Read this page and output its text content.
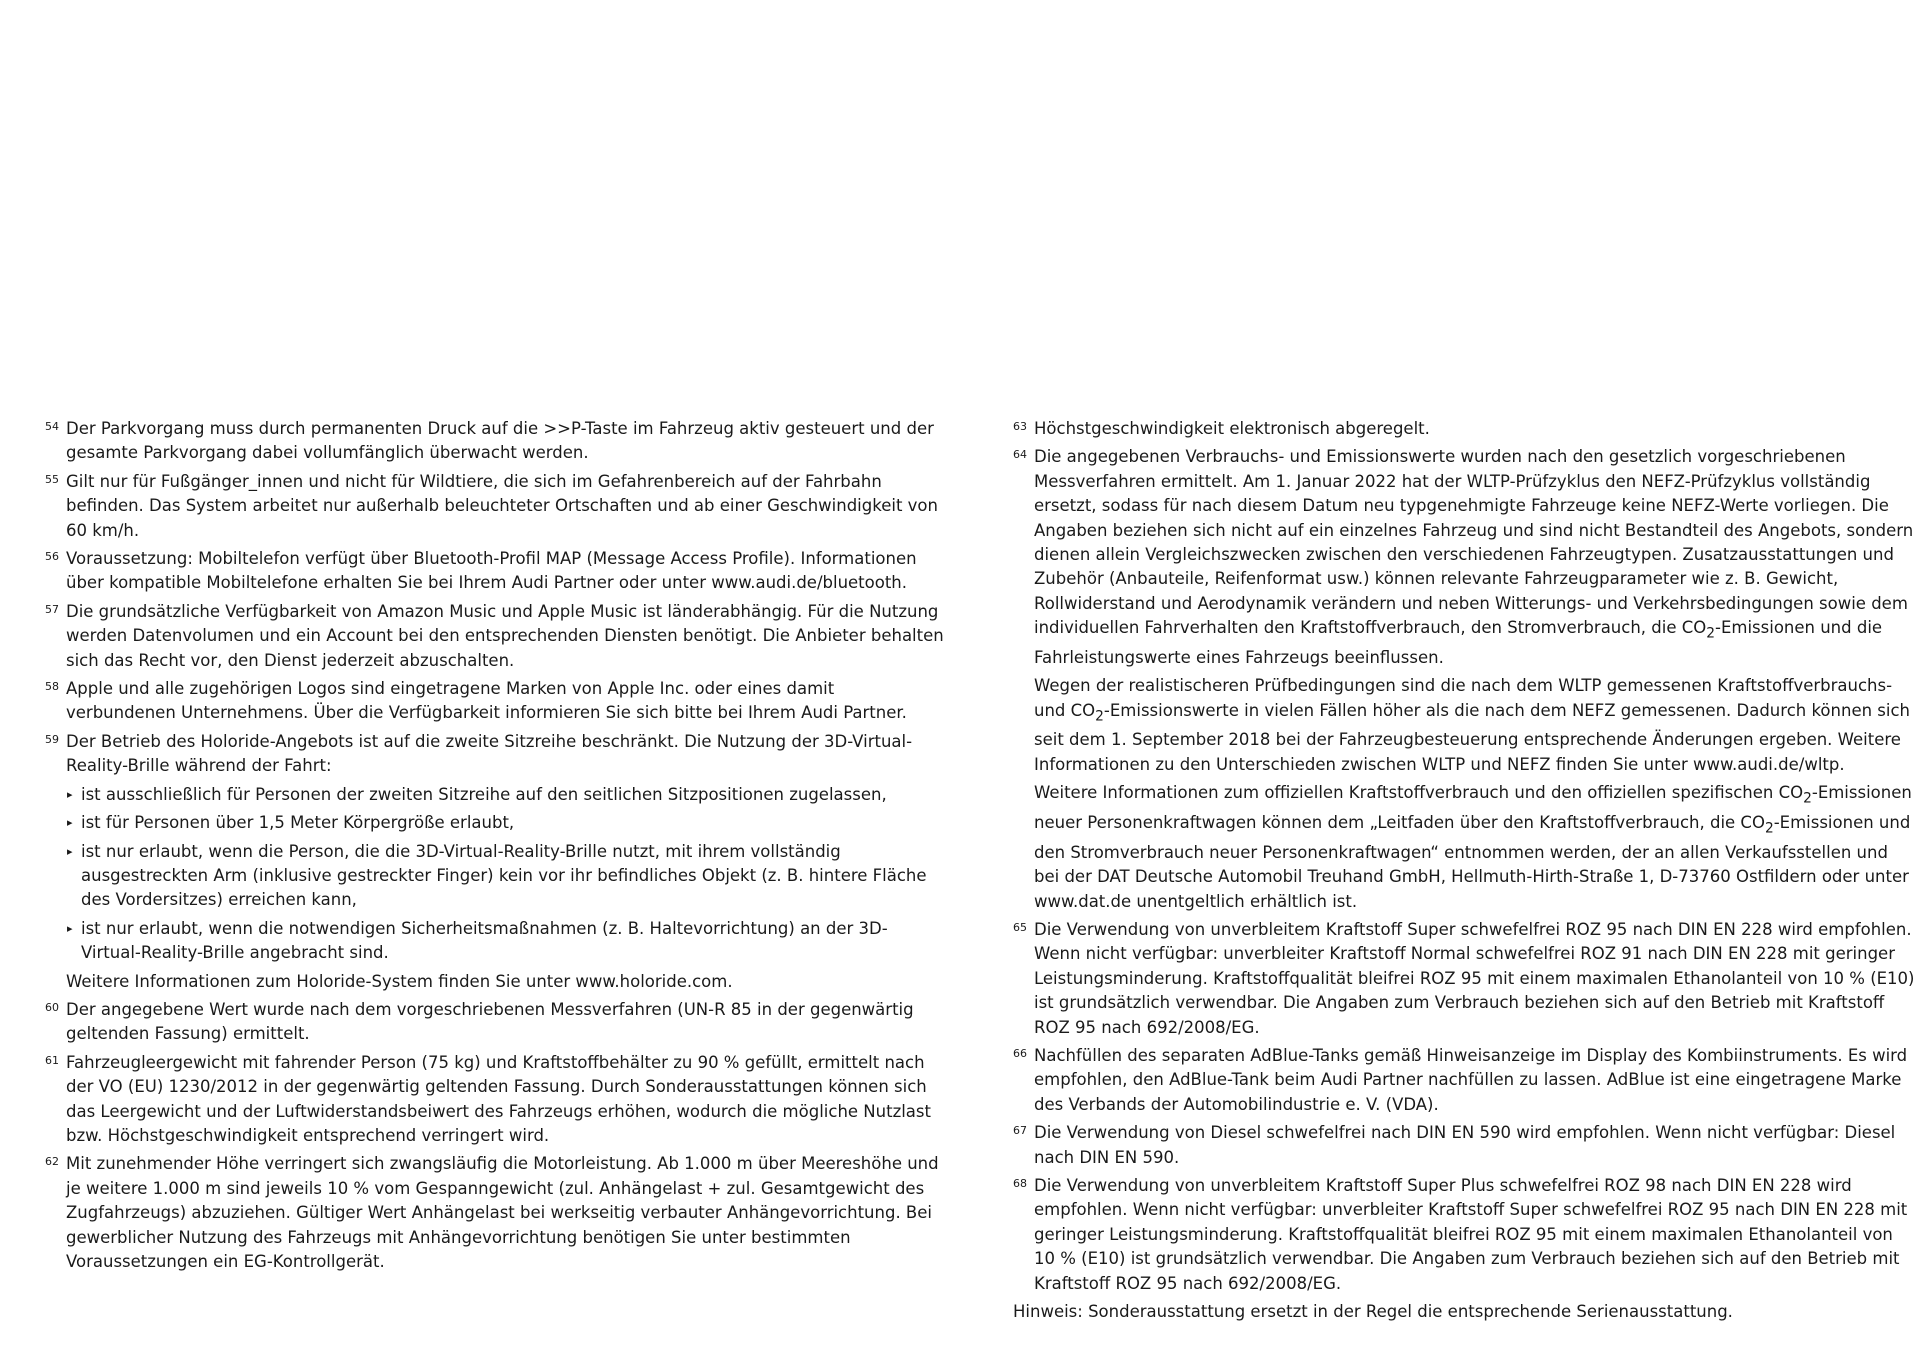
54 Der Parkvorgang muss durch permanenten Druck auf die >>P-Taste im Fahrzeug aktiv gesteuert und der gesamte Parkvorgang dabei vollumfänglich überwacht werden.
55 Gilt nur für Fußgänger_innen und nicht für Wildtiere, die sich im Gefahrenbereich auf der Fahrbahn befinden. Das System arbeitet nur außerhalb beleuchteter Ortschaften und ab einer Geschwindigkeit von 60 km/h.
56 Voraussetzung: Mobiltelefon verfügt über Bluetooth-Profil MAP (Message Access Profile). Informationen über kompatible Mobiltelefone erhalten Sie bei Ihrem Audi Partner oder unter www.audi.de/bluetooth.
57 Die grundsätzliche Verfügbarkeit von Amazon Music und Apple Music ist länderabhängig. Für die Nutzung werden Datenvolumen und ein Account bei den entsprechenden Diensten benötigt. Die Anbieter behalten sich das Recht vor, den Dienst jederzeit abzuschalten.
58 Apple und alle zugehörigen Logos sind eingetragene Marken von Apple Inc. oder eines damit verbundenen Unternehmens. Über die Verfügbarkeit informieren Sie sich bitte bei Ihrem Audi Partner.
59 Der Betrieb des Holoride-Angebots ist auf die zweite Sitzreihe beschränkt. Die Nutzung der 3D-Virtual-Reality-Brille während der Fahrt:
▸ ist ausschließlich für Personen der zweiten Sitzreihe auf den seitlichen Sitzpositionen zugelassen,
▸ ist für Personen über 1,5 Meter Körpergröße erlaubt,
▸ ist nur erlaubt, wenn die Person, die die 3D-Virtual-Reality-Brille nutzt, mit ihrem vollständig ausgestreckten Arm (inklusive gestreckter Finger) kein vor ihr befindliches Objekt (z. B. hintere Fläche des Vordersitzes) erreichen kann,
▸ ist nur erlaubt, wenn die notwendigen Sicherheitsmaßnahmen (z. B. Haltevorrichtung) an der 3D-Virtual-Reality-Brille angebracht sind.
Weitere Informationen zum Holoride-System finden Sie unter www.holoride.com.
60 Der angegebene Wert wurde nach dem vorgeschriebenen Messverfahren (UN-R 85 in der gegenwärtig geltenden Fassung) ermittelt.
61 Fahrzeugleergewicht mit fahrender Person (75 kg) und Kraftstoffbehälter zu 90 % gefüllt, ermittelt nach der VO (EU) 1230/2012 in der gegenwärtig geltenden Fassung. Durch Sonderausstattungen können sich das Leergewicht und der Luftwiderstandsbeiwert des Fahrzeugs erhöhen, wodurch die mögliche Nutzlast bzw. Höchstgeschwindigkeit entsprechend verringert wird.
62 Mit zunehmender Höhe verringert sich zwangsläufig die Motorleistung. Ab 1.000 m über Meereshöhe und je weitere 1.000 m sind jeweils 10 % vom Gespanngewicht (zul. Anhängelast + zul. Gesamtgewicht des Zugfahrzeugs) abzuziehen. Gültiger Wert Anhängelast bei werkseitig verbauter Anhängevorrichtung. Bei gewerblicher Nutzung des Fahrzeugs mit Anhängevorrichtung benötigen Sie unter bestimmten Voraussetzungen ein EG-Kontrollgerät.
63 Höchstgeschwindigkeit elektronisch abgeregelt.
64 Die angegebenen Verbrauchs- und Emissionswerte wurden nach den gesetzlich vorgeschriebenen Messverfahren ermittelt. Am 1. Januar 2022 hat der WLTP-Prüfzyklus den NEFZ-Prüfzyklus vollständig ersetzt, sodass für nach diesem Datum neu typgenehmigte Fahrzeuge keine NEFZ-Werte vorliegen. Die Angaben beziehen sich nicht auf ein einzelnes Fahrzeug und sind nicht Bestandteil des Angebots, sondern dienen allein Vergleichszwecken zwischen den verschiedenen Fahrzeugtypen. Zusatzausstattungen und Zubehör (Anbauteile, Reifenformat usw.) können relevante Fahrzeugparameter wie z. B. Gewicht, Rollwiderstand und Aerodynamik verändern und neben Witterungs- und Verkehrsbedingungen sowie dem individuellen Fahrverhalten den Kraftstoffverbrauch, den Stromverbrauch, die $CO_2$-Emissionen und die Fahrleistungswerte eines Fahrzeugs beeinflussen.
Wegen der realistischeren Prüfbedingungen sind die nach dem WLTP gemessenen Kraftstoffverbrauchs- und $CO_2$-Emissionswerte in vielen Fällen höher als die nach dem NEFZ gemessenen. Dadurch können sich seit dem 1. September 2018 bei der Fahrzeugbesteuerung entsprechende Änderungen ergeben. Weitere Informationen zu den Unterschieden zwischen WLTP und NEFZ finden Sie unter www.audi.de/wltp.
Weitere Informationen zum offiziellen Kraftstoffverbrauch und den offiziellen spezifischen $CO_2$-Emissionen neuer Personenkraftwagen können dem „Leitfaden über den Kraftstoffverbrauch, die $CO_2$-Emissionen und den Stromverbrauch neuer Personenkraftwagen“ entnommen werden, der an allen Verkaufsstellen und bei der DAT Deutsche Automobil Treuhand GmbH, Hellmuth-Hirth-Straße 1, D-73760 Ostfildern oder unter www.dat.de unentgeltlich erhältlich ist.
65 Die Verwendung von unverbleitem Kraftstoff Super schwefelfrei ROZ 95 nach DIN EN 228 wird empfohlen. Wenn nicht verfügbar: unverbleiter Kraftstoff Normal schwefelfrei ROZ 91 nach DIN EN 228 mit geringer Leistungsminderung. Kraftstoffqualität bleifrei ROZ 95 mit einem maximalen Ethanolanteil von 10 % (E10) ist grundsätzlich verwendbar. Die Angaben zum Verbrauch beziehen sich auf den Betrieb mit Kraftstoff ROZ 95 nach 692/2008/EG.
66 Nachfüllen des separaten AdBlue-Tanks gemäß Hinweisanzeige im Display des Kombiinstruments. Es wird empfohlen, den AdBlue-Tank beim Audi Partner nachfüllen zu lassen. AdBlue ist eine eingetragene Marke des Verbands der Automobilindustrie e. V. (VDA).
67 Die Verwendung von Diesel schwefelfrei nach DIN EN 590 wird empfohlen. Wenn nicht verfügbar: Diesel nach DIN EN 590.
68 Die Verwendung von unverbleitem Kraftstoff Super Plus schwefelfrei ROZ 98 nach DIN EN 228 wird empfohlen. Wenn nicht verfügbar: unverbleiter Kraftstoff Super schwefelfrei ROZ 95 nach DIN EN 228 mit geringer Leistungsminderung. Kraftstoffqualität bleifrei ROZ 95 mit einem maximalen Ethanolanteil von 10 % (E10) ist grundsätzlich verwendbar. Die Angaben zum Verbrauch beziehen sich auf den Betrieb mit Kraftstoff ROZ 95 nach 692/2008/EG.
Hinweis: Sonderausstattung ersetzt in der Regel die entsprechende Serienausstattung.
